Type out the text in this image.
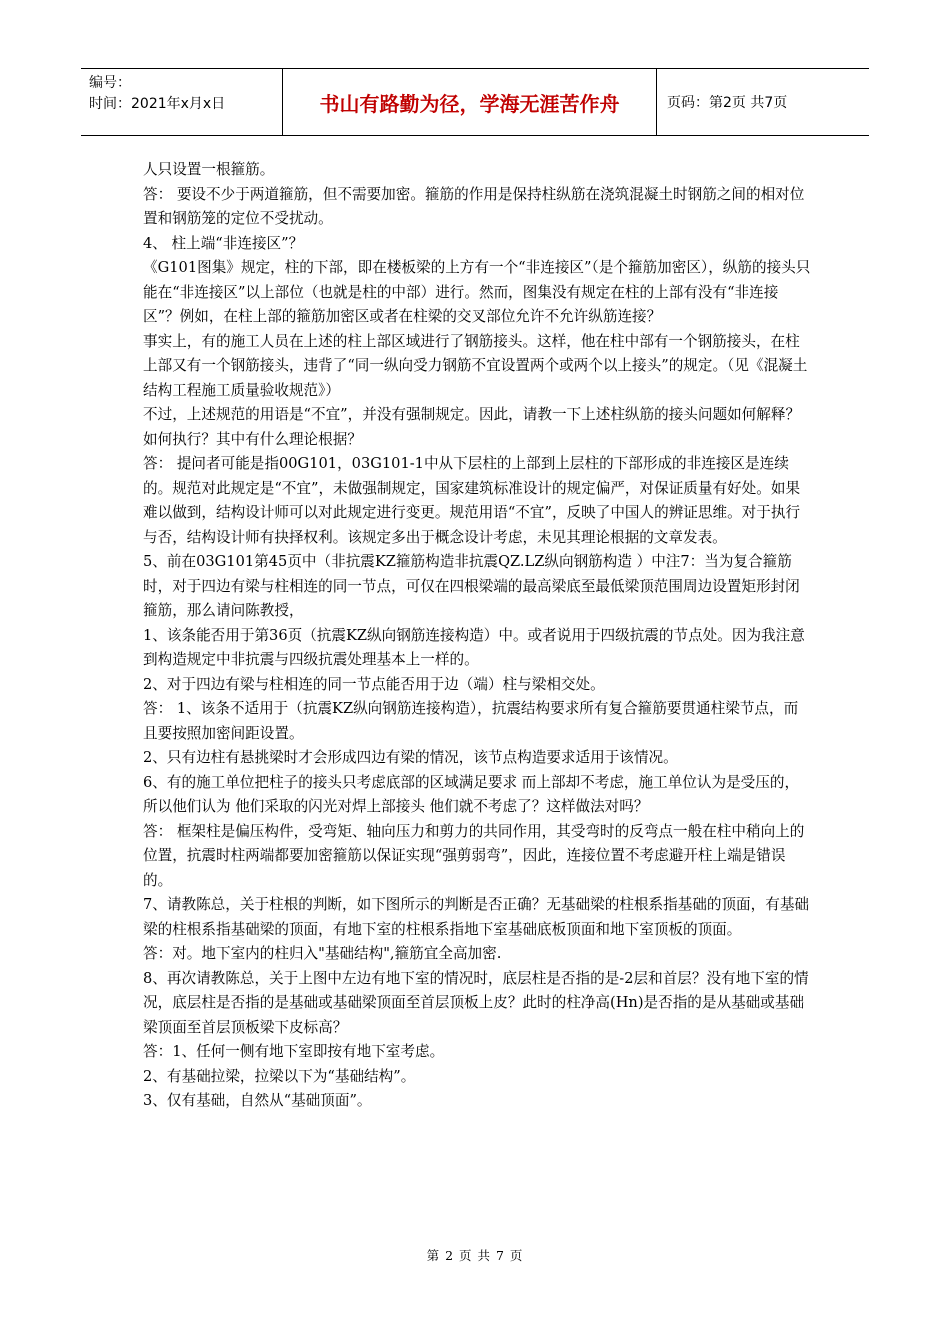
编号：
时间：2021年x月x日	书山有路勤为径，学海无涯苦作舟	页码：第2页 共7页

人只设置一根箍筋。

答： 要设不少于两道箍筋，但不需要加密。箍筋的作用是保持柱纵筋在浇筑混凝土时钢筋之间的相对位置和钢筋笼的定位不受扰动。

4、 柱上端“非连接区”？

《G101图集》规定，柱的下部，即在楼板梁的上方有一个“非连接区”（是个箍筋加密区），纵筋的接头只能在“非连接区”以上部位（也就是柱的中部）进行。然而，图集没有规定在柱的上部有没有“非连接区”？例如，在柱上部的箍筋加密区或者在柱梁的交叉部位允许不允许纵筋连接？

事实上，有的施工人员在上述的柱上部区域进行了钢筋接头。这样，他在柱中部有一个钢筋接头，在柱上部又有一个钢筋接头，违背了“同一纵向受力钢筋不宜设置两个或两个以上接头”的规定。（见《混凝土结构工程施工质量验收规范》）

不过，上述规范的用语是“不宜”，并没有强制规定。因此，请教一下上述柱纵筋的接头问题如何解释？如何执行？其中有什么理论根据？

答： 提问者可能是指00G101，03G101-1中从下层柱的上部到上层柱的下部形成的非连接区是连续的。规范对此规定是“不宜”，未做强制规定，国家建筑标准设计的规定偏严，对保证质量有好处。如果难以做到，结构设计师可以对此规定进行变更。规范用语“不宜”，反映了中国人的辨证思维。对于执行与否，结构设计师有抉择权利。该规定多出于概念设计考虑，未见其理论根据的文章发表。

5、前在03G101第45页中（非抗震KZ箍筋构造非抗震QZ.LZ纵向钢筋构造 ）中注7：当为复合箍筋时，对于四边有梁与柱相连的同一节点，可仅在四根梁端的最高梁底至最低梁顶范围周边设置矩形封闭箍筋，那么请问陈教授，

1、该条能否用于第36页（抗震KZ纵向钢筋连接构造）中。或者说用于四级抗震的节点处。因为我注意到构造规定中非抗震与四级抗震处理基本上一样的。

2、对于四边有梁与柱相连的同一节点能否用于边（端）柱与梁相交处。

答： 1、该条不适用于（抗震KZ纵向钢筋连接构造），抗震结构要求所有复合箍筋要贯通柱梁节点，而且要按照加密间距设置。

2、只有边柱有悬挑梁时才会形成四边有梁的情况，该节点构造要求适用于该情况。

6、有的施工单位把柱子的接头只考虑底部的区域满足要求 而上部却不考虑，施工单位认为是受压的，所以他们认为 他们采取的闪光对焊上部接头 他们就不考虑了？这样做法对吗？

答： 框架柱是偏压构件，受弯矩、轴向压力和剪力的共同作用，其受弯时的反弯点一般在柱中稍向上的位置，抗震时柱两端都要加密箍筋以保证实现“强剪弱弯”，因此，连接位置不考虑避开柱上端是错误的。

7、请教陈总，关于柱根的判断，如下图所示的判断是否正确？无基础梁的柱根系指基础的顶面，有基础梁的柱根系指基础梁的顶面，有地下室的柱根系指地下室基础底板顶面和地下室顶板的顶面。

答：对。地下室内的柱归入"基础结构",箍筋宜全高加密.

8、再次请教陈总，关于上图中左边有地下室的情况时，底层柱是否指的是-2层和首层？没有地下室的情况，底层柱是否指的是基础或基础梁顶面至首层顶板上皮？此时的柱净高(Hn)是否指的是从基础或基础梁顶面至首层顶板梁下皮标高？

答：1、任何一侧有地下室即按有地下室考虑。

2、有基础拉梁，拉梁以下为“基础结构”。

3、仅有基础，自然从“基础顶面”。

第 2 页 共 7 页
